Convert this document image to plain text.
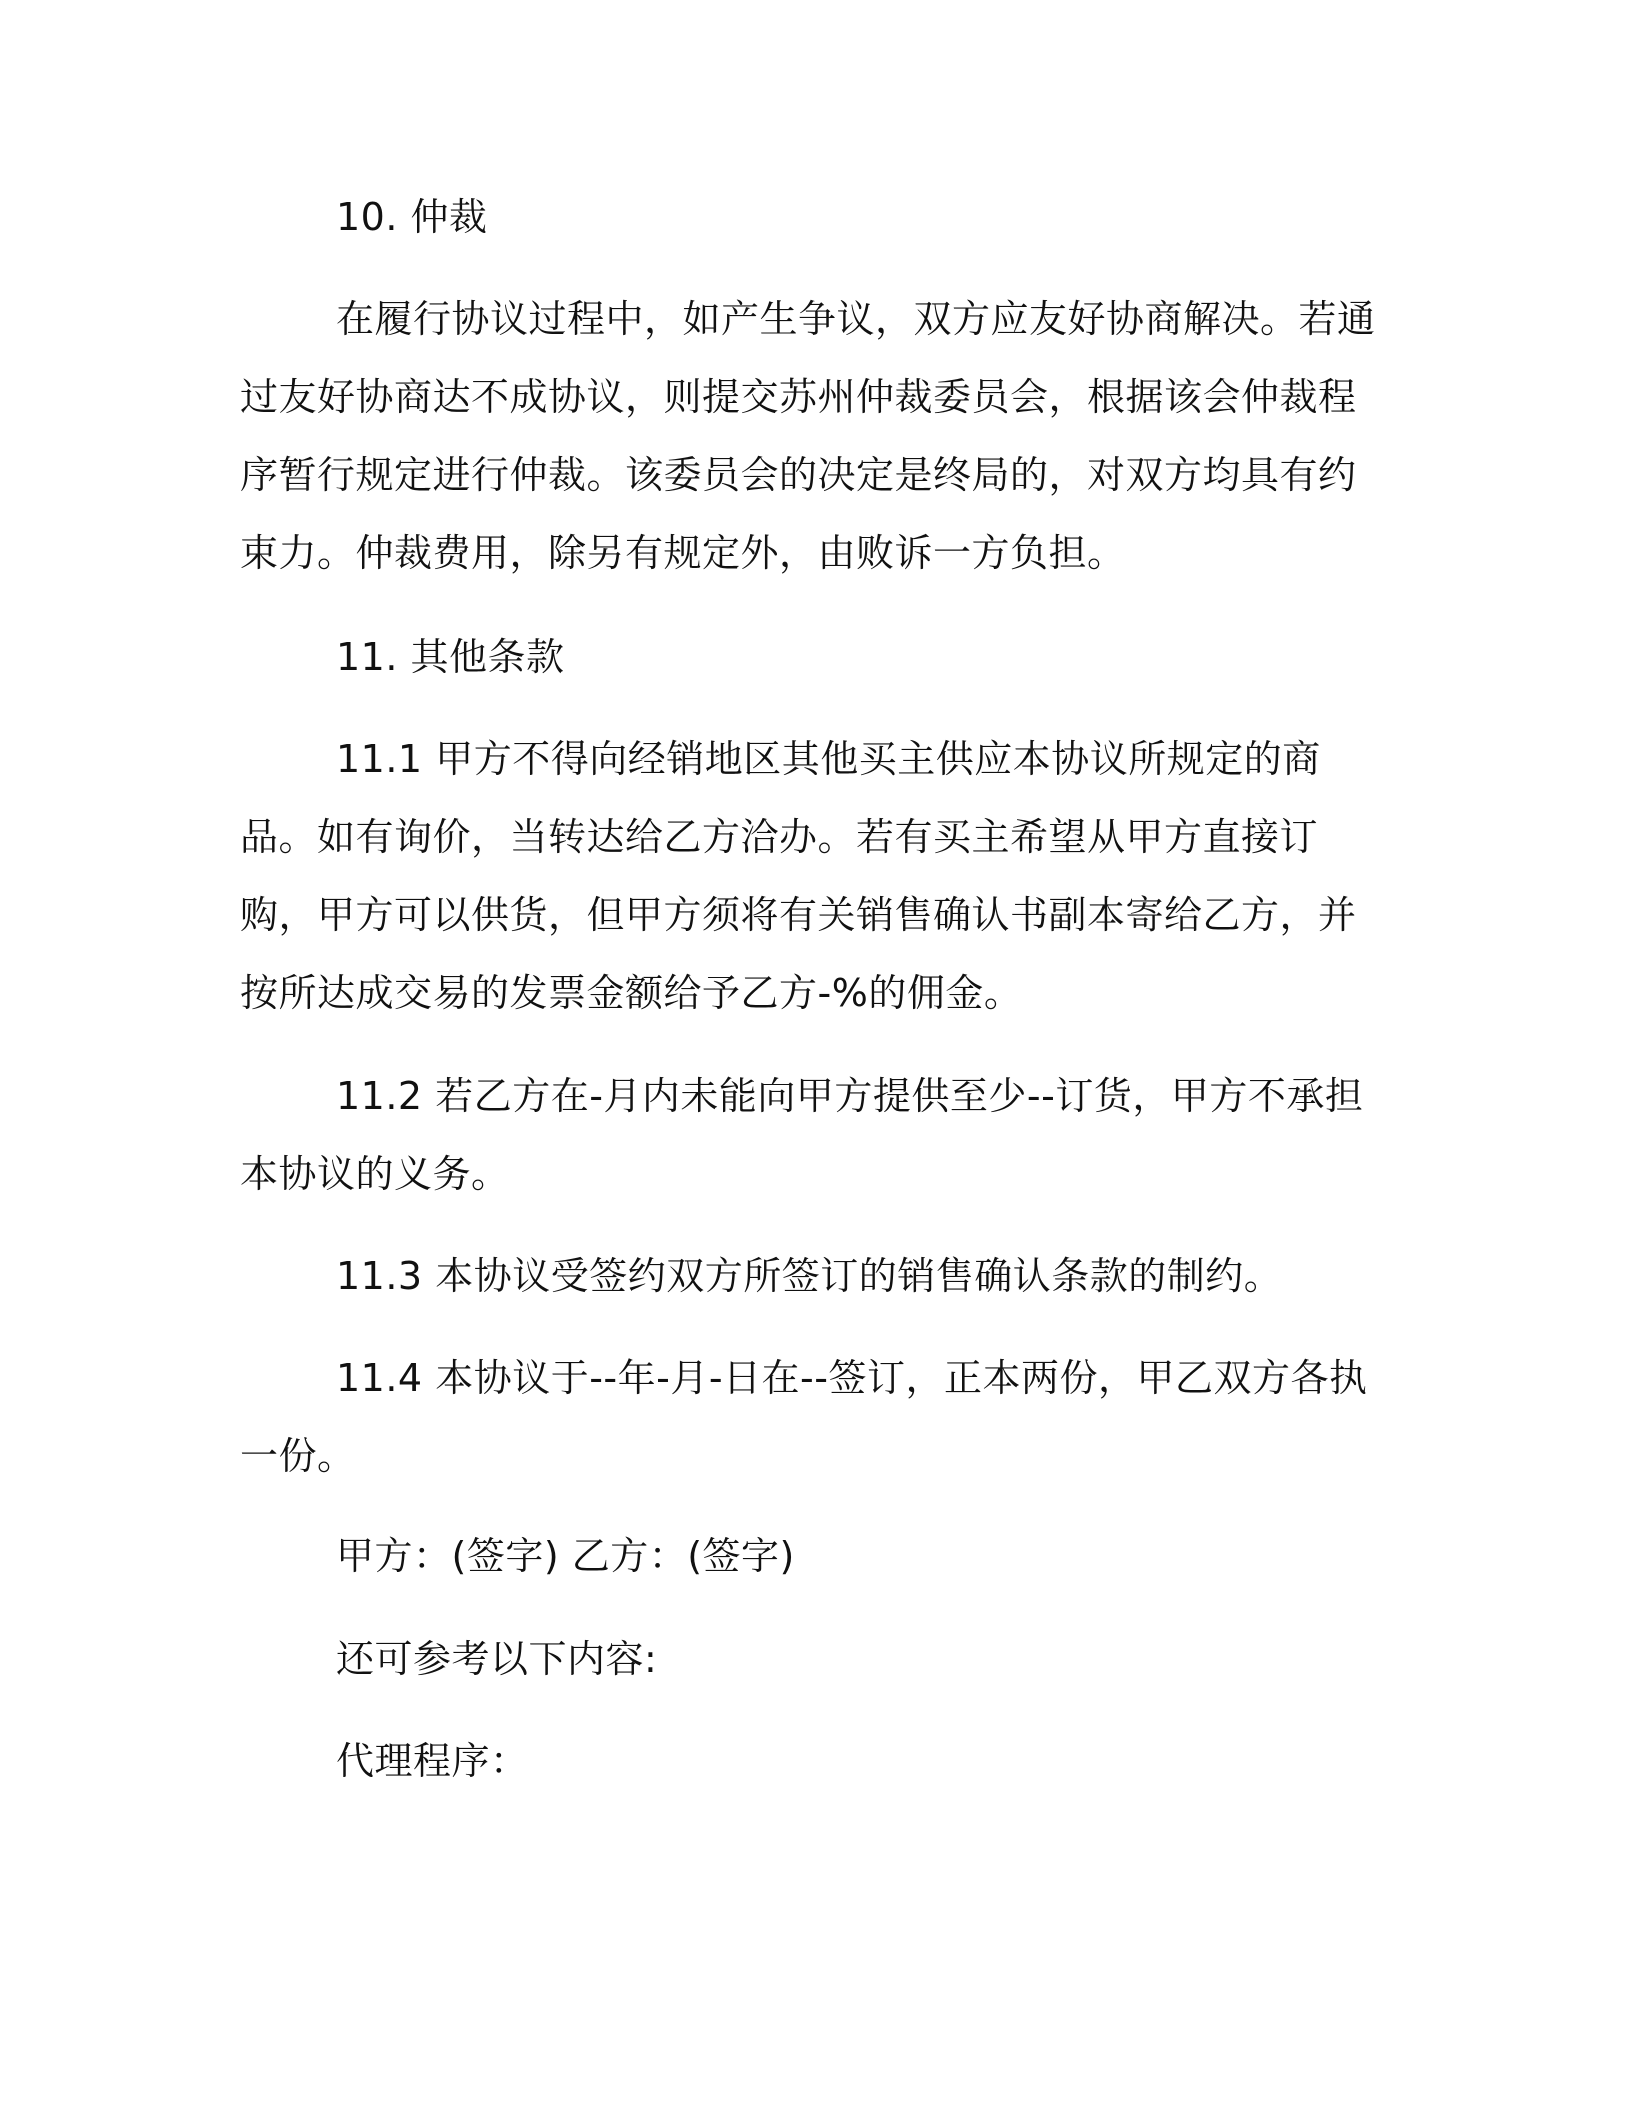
10. 仲裁

在履行协议过程中，如产生争议，双方应友好协商解决。若通过友好协商达不成协议，则提交苏州仲裁委员会，根据该会仲裁程序暂行规定进行仲裁。该委员会的决定是终局的，对双方均具有约束力。仲裁费用，除另有规定外，由败诉一方负担。

11. 其他条款

11.1 甲方不得向经销地区其他买主供应本协议所规定的商品。如有询价，当转达给乙方洽办。若有买主希望从甲方直接订购，甲方可以供货，但甲方须将有关销售确认书副本寄给乙方，并按所达成交易的发票金额给予乙方-%的佣金。

11.2 若乙方在-月内未能向甲方提供至少--订货，甲方不承担本协议的义务。

11.3 本协议受签约双方所签订的销售确认条款的制约。

11.4 本协议于--年-月-日在--签订，正本两份，甲乙双方各执一份。

甲方：(签字) 乙方：(签字)

还可参考以下内容:

代理程序：
